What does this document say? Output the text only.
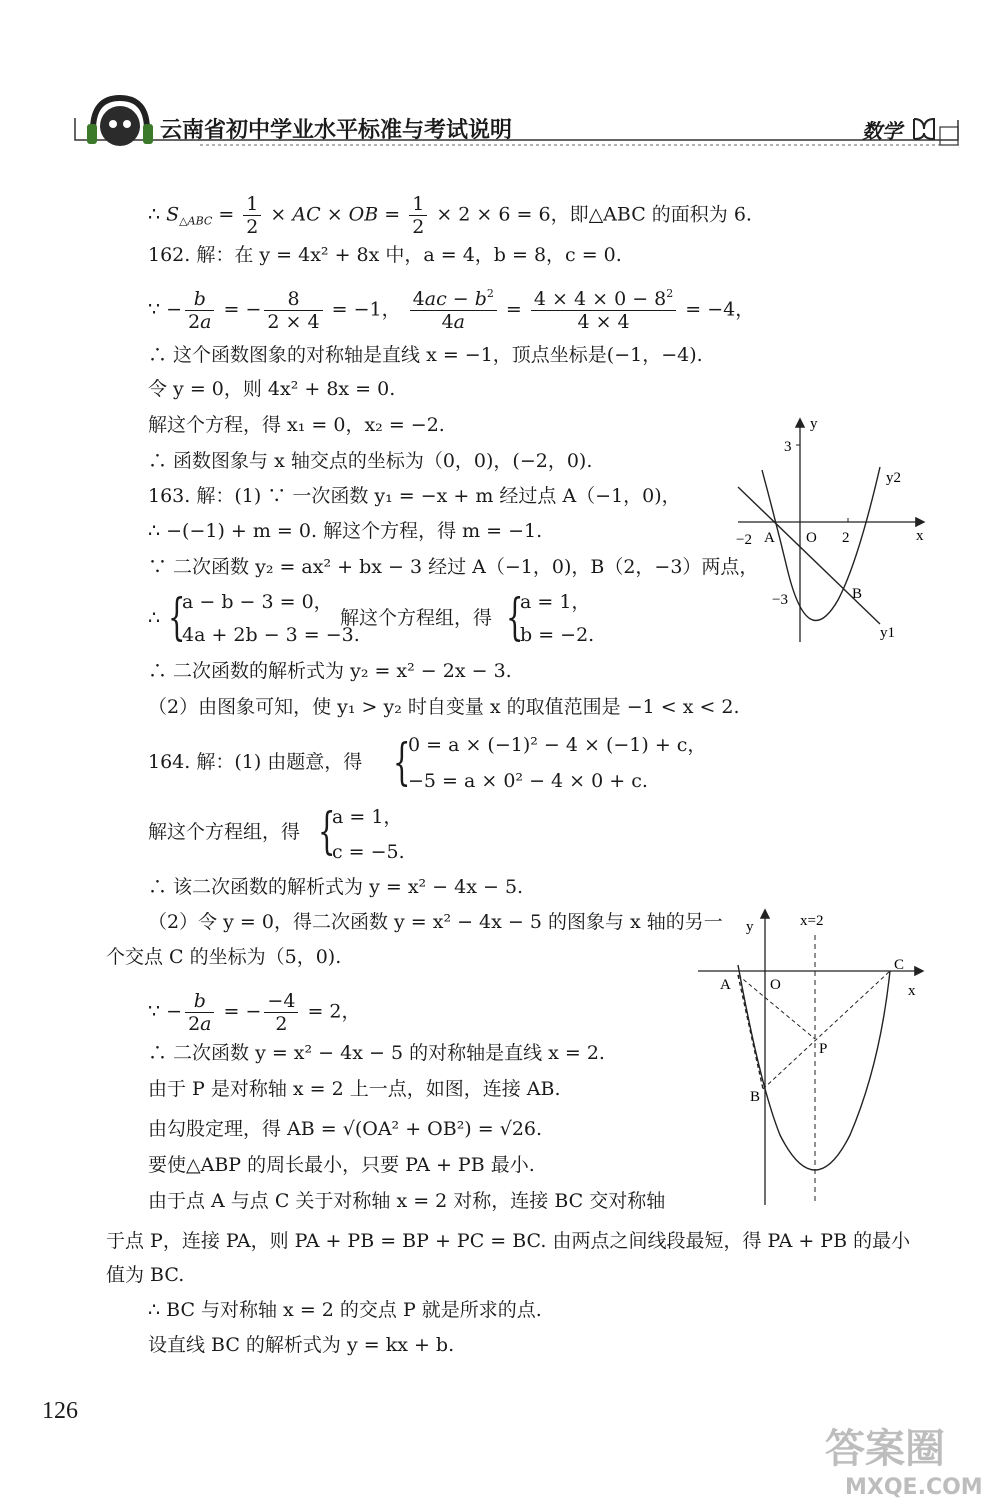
云南省初中学业水平标准与考试说明	数学
∴ $S_{\triangle ABC} = \frac{1}{2}$ × AC × OB = $\frac{1}{2} \times 2 \times 6 = 6$，即△ABC 的面积为 6.
162. 解：在 y = 4x² + 8x 中，a = 4，b = 8，c = 0.
∵ − $\frac{b}{2a}$ = − $\frac{8}{2 \times 4} = -1$， $\frac{4ac - b^2}{4a} = \frac{4 \times 4 \times 0 - 8^2}{4 \times 4} = -4$，
∴ 这个函数图象的对称轴是直线 x = −1，顶点坐标是(−1，−4).
令 y = 0，则 4x² + 8x = 0.
解这个方程，得 x₁ = 0，x₂ = −2.
∴ 函数图象与 x 轴交点的坐标为（0，0)，(−2，0).
163. 解：(1) ∵ 一次函数 y₁ = −x + m 经过点 A（−1，0)，
∴ −(−1) + m = 0. 解这个方程，得 m = −1.
∵ 二次函数 y₂ = ax² + bx − 3 经过 A（−1，0)，B（2，−3）两点，
∴ {
a − b − 3 = 0，
4a + 2b − 3 = −3.
解这个方程组，得 {
a = 1，
b = −2.
∴ 二次函数的解析式为 y₂ = x² − 2x − 3.
（2）由图象可知，使 y₁ > y₂ 时自变量 x 的取值范围是 −1 < x < 2.
164. 解：(1) 由题意，得 {
0 = a × (−1)² − 4 × (−1) + c，
−5 = a × 0² − 4 × 0 + c.
解这个方程组，得 {
a = 1，
c = −5.
∴ 该二次函数的解析式为 y = x² − 4x − 5.
（2）令 y = 0，得二次函数 y = x² − 4x − 5 的图象与 x 轴的另一
个交点 C 的坐标为（5，0).
∵ − $\frac{b}{2a}$ = − $\frac{-4}{2} = 2$，
∴ 二次函数 y = x² − 4x − 5 的对称轴是直线 x = 2.
由于 P 是对称轴 x = 2 上一点，如图，连接 AB.
由勾股定理，得 AB = √(OA² + OB²) = √26.
要使△ABP 的周长最小，只要 PA + PB 最小.
由于点 A 与点 C 关于对称轴 x = 2 对称，连接 BC 交对称轴
于点 P，连接 PA，则 PA + PB = BP + PC = BC. 由两点之间线段最短，得 PA + PB 的最小
值为 BC.
∴ BC 与对称轴 x = 2 的交点 P 就是所求的点.
设直线 BC 的解析式为 y = kx + b.
y
x
3
−2 A O 2
−3	B
y2
y1
y	x=2
x
A	O
C
P
B
126
答案圈
MXQE.COM
